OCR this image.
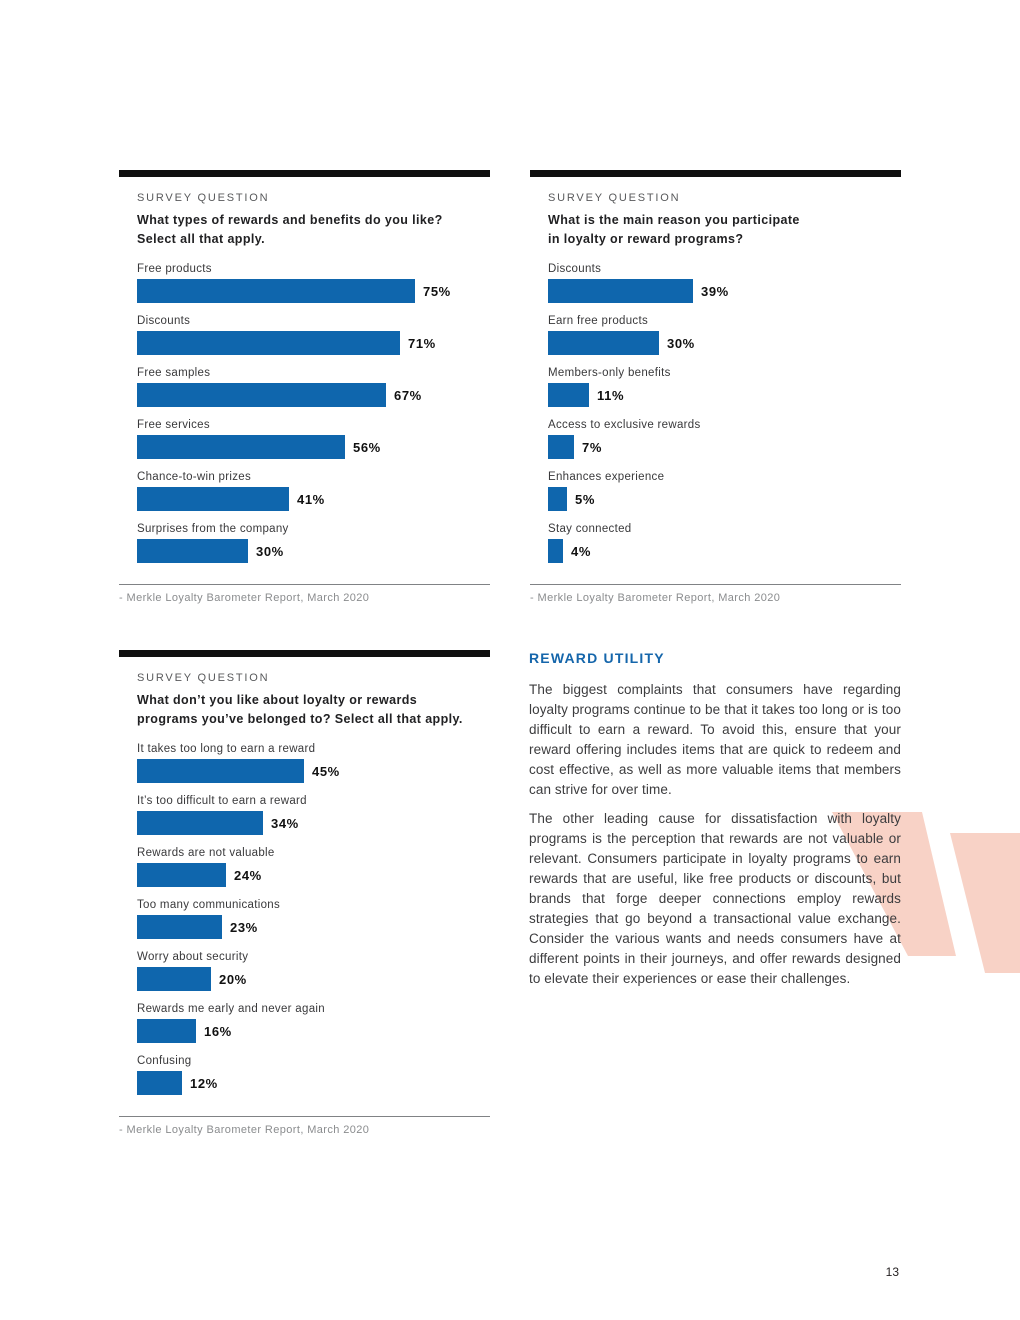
SURVEY QUESTION
What types of rewards and benefits do you like?
Select all that apply.
Free products
75%
Discounts
71%
Free samples
67%
Free services
56%
Chance-to-win prizes
41%
Surprises from the company
30%
- Merkle Loyalty Barometer Report, March 2020
SURVEY QUESTION
What is the main reason you participate
in loyalty or reward programs?
Discounts
39%
Earn free products
30%
Members-only benefits
11%
Access to exclusive rewards
7%
Enhances experience
5%
Stay connected
4%
- Merkle Loyalty Barometer Report, March 2020
SURVEY QUESTION
What don’t you like about loyalty or rewards
programs you’ve belonged to? Select all that apply.
It takes too long to earn a reward
45%
It’s too difficult to earn a reward
34%
Rewards are not valuable
24%
Too many communications
23%
Worry about security
20%
Rewards me early and never again
16%
Confusing
12%
- Merkle Loyalty Barometer Report, March 2020
REWARD UTILITY

The biggest complaints that consumers have regarding loyalty programs continue to be that it takes too long or is too difficult to earn a reward. To avoid this, ensure that your reward offering includes items that are quick to redeem and cost effective, as well as more valuable items that members can strive for over time.

The other leading cause for dissatisfaction with loyalty programs is the perception that rewards are not valuable or relevant. Consumers participate in loyalty programs to earn rewards that are useful, like free products or discounts, but brands that forge deeper connections employ rewards strategies that go beyond a transactional value exchange. Consider the various wants and needs consumers have at different points in their journeys, and offer rewards designed to elevate their experiences or ease their challenges.

13
